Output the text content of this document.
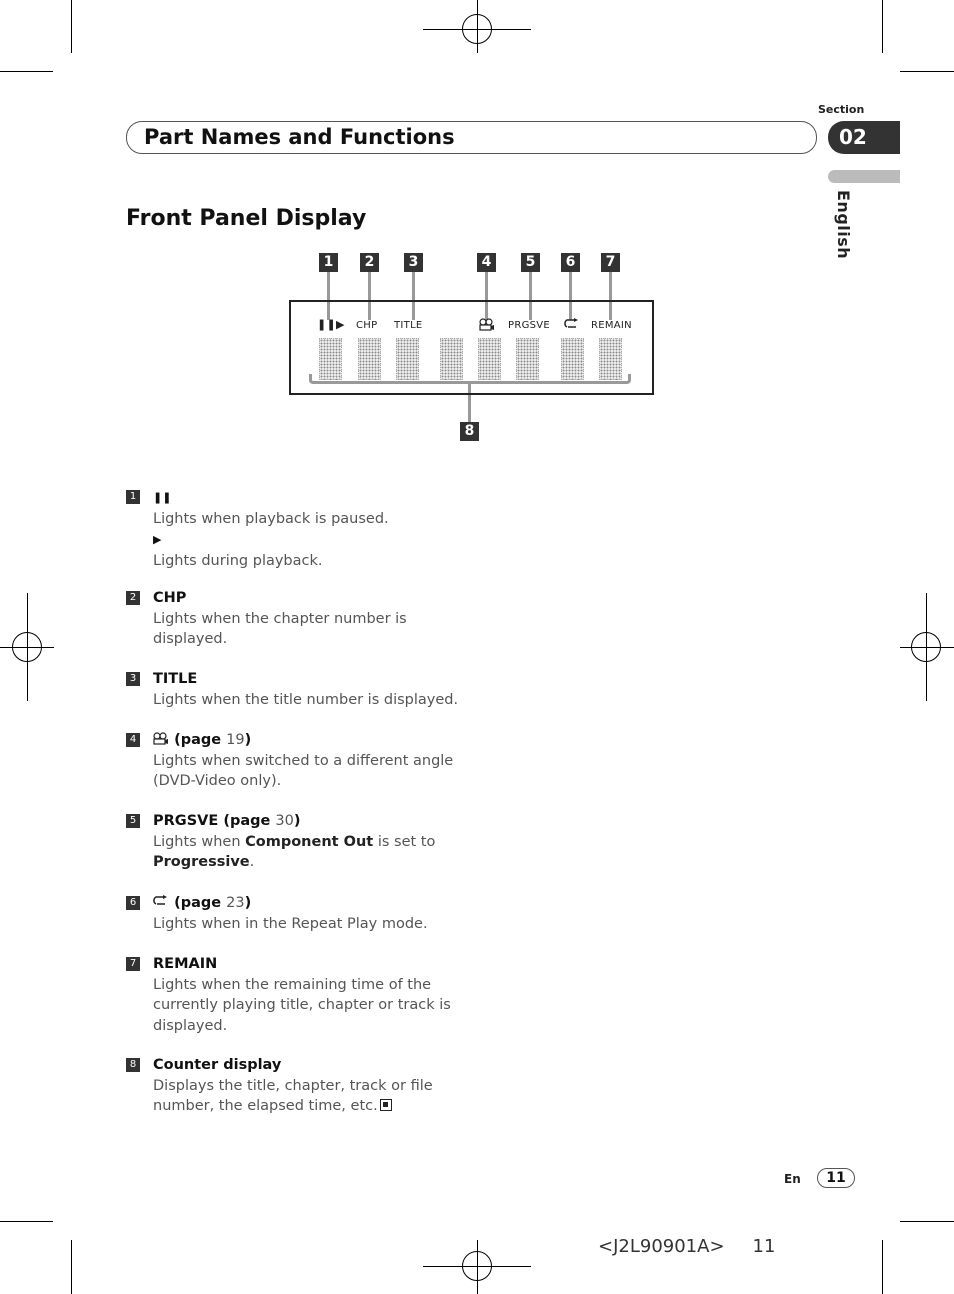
Section
Part Names and Functions	02
English
Front Panel Display
1	2	3	4	5	6	7
8
❚❚▶ CHP TITLE	PRGSVE	REMAIN
1	❚❚
Lights when playback is paused.
▶
Lights during playback.
2 CHP
Lights when the chapter number is displayed.
3 TITLE
Lights when the title number is displayed.
4	(page 19)
Lights when switched to a different angle (DVD-Video only).
5 PRGSVE (page 30)
Lights when Component Out is set to
Progressive.
6	(page 23)
Lights when in the Repeat Play mode.
7 REMAIN
Lights when the remaining time of the currently playing title, chapter or track is displayed.
8 Counter display
Displays the title, chapter, track or file number, the elapsed time, etc.
En	11
<J2L90901A> 11
